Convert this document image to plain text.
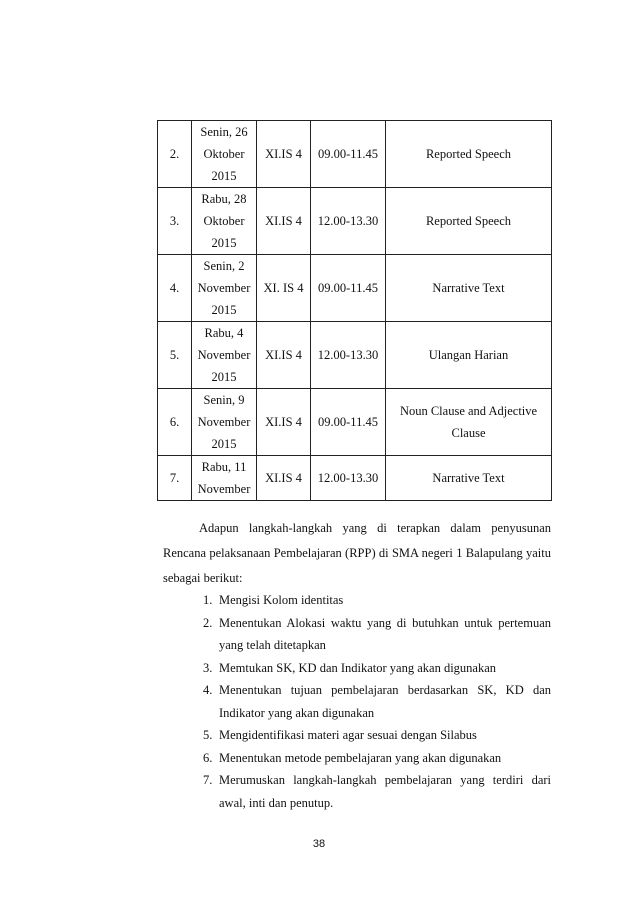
2.	Senin, 26
Oktober
2015	XI.IS 4	09.00-11.45	Reported Speech
3.	Rabu, 28
Oktober
2015	XI.IS 4	12.00-13.30	Reported Speech
4.	Senin, 2
November
2015	XI. IS 4	09.00-11.45	Narrative Text
5.	Rabu, 4
November
2015	XI.IS 4	12.00-13.30	Ulangan Harian
6.	Senin, 9
November
2015	XI.IS 4	09.00-11.45	Noun Clause and Adjective Clause
7.	Rabu, 11
November	XI.IS 4	12.00-13.30	Narrative Text

Adapun langkah-langkah yang di terapkan dalam penyusunan Rencana pelaksanaan Pembelajaran (RPP) di SMA negeri 1 Balapulang yaitu sebagai berikut:

1. Mengisi Kolom identitas
2. Menentukan Alokasi waktu yang di butuhkan untuk pertemuan yang telah ditetapkan
3. Memtukan SK, KD dan Indikator yang akan digunakan
4. Menentukan tujuan pembelajaran berdasarkan SK, KD dan Indikator yang akan digunakan
5. Mengidentifikasi materi agar sesuai dengan Silabus
6. Menentukan metode pembelajaran yang akan digunakan
7. Merumuskan langkah-langkah pembelajaran yang terdiri dari awal, inti dan penutup.
38
